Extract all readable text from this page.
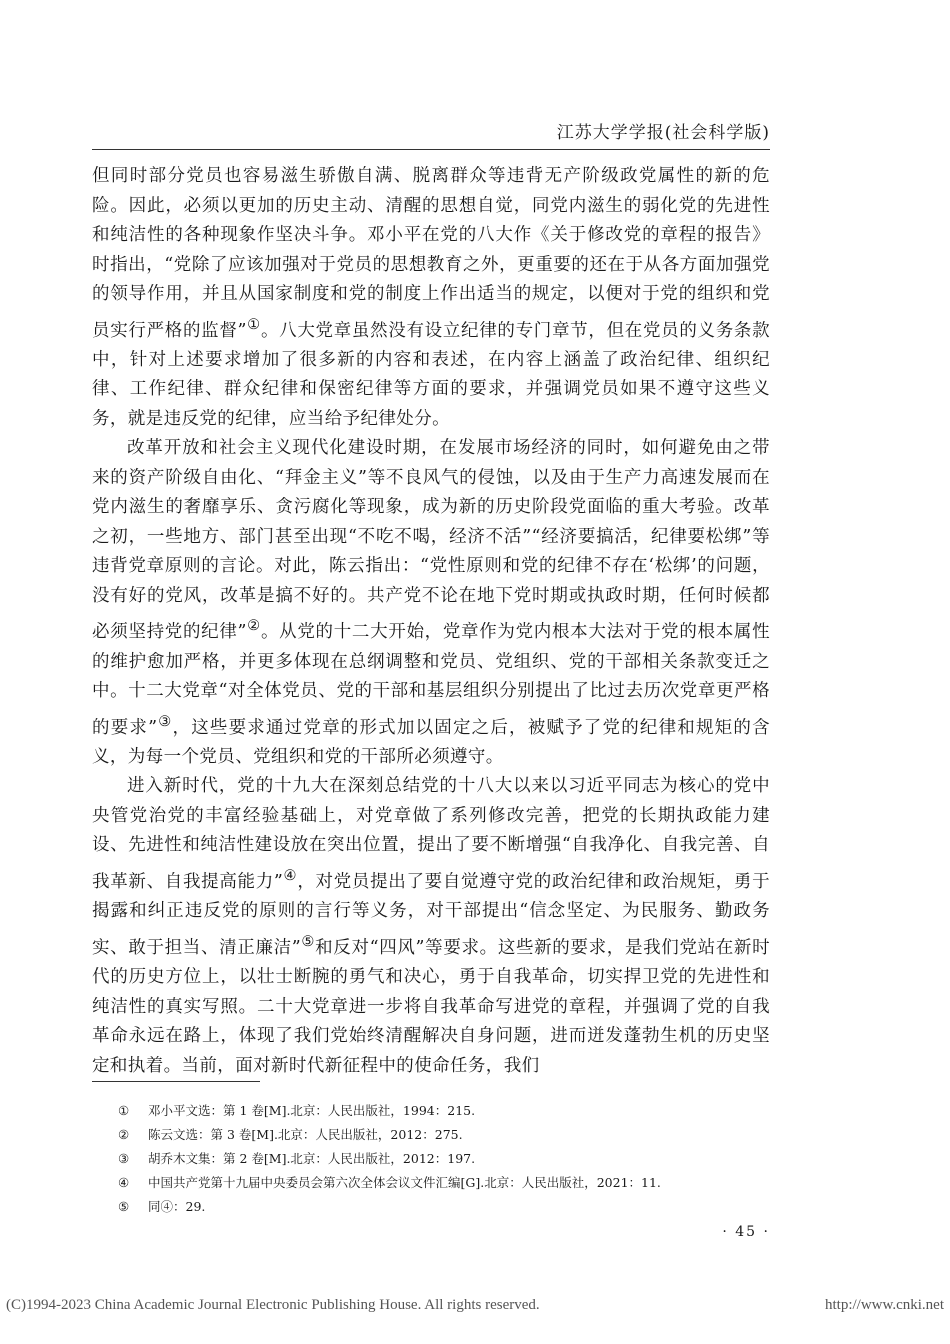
江苏大学学报(社会科学版)

但同时部分党员也容易滋生骄傲自满、脱离群众等违背无产阶级政党属性的新的危险。因此，必须以更加的历史主动、清醒的思想自觉，同党内滋生的弱化党的先进性和纯洁性的各种现象作坚决斗争。邓小平在党的八大作《关于修改党的章程的报告》时指出，“党除了应该加强对于党员的思想教育之外，更重要的还在于从各方面加强党的领导作用，并且从国家制度和党的制度上作出适当的规定，以便对于党的组织和党员实行严格的监督”①。八大党章虽然没有设立纪律的专门章节，但在党员的义务条款中，针对上述要求增加了很多新的内容和表述，在内容上涵盖了政治纪律、组织纪律、工作纪律、群众纪律和保密纪律等方面的要求，并强调党员如果不遵守这些义务，就是违反党的纪律，应当给予纪律处分。

改革开放和社会主义现代化建设时期，在发展市场经济的同时，如何避免由之带来的资产阶级自由化、“拜金主义”等不良风气的侵蚀，以及由于生产力高速发展而在党内滋生的奢靡享乐、贪污腐化等现象，成为新的历史阶段党面临的重大考验。改革之初，一些地方、部门甚至出现“不吃不喝，经济不活”“经济要搞活，纪律要松绑”等违背党章原则的言论。对此，陈云指出：“党性原则和党的纪律不存在‘松绑’的问题，没有好的党风，改革是搞不好的。共产党不论在地下党时期或执政时期，任何时候都必须坚持党的纪律”②。从党的十二大开始，党章作为党内根本大法对于党的根本属性的维护愈加严格，并更多体现在总纲调整和党员、党组织、党的干部相关条款变迁之中。十二大党章“对全体党员、党的干部和基层组织分别提出了比过去历次党章更严格的要求”③，这些要求通过党章的形式加以固定之后，被赋予了党的纪律和规矩的含义，为每一个党员、党组织和党的干部所必须遵守。

进入新时代，党的十九大在深刻总结党的十八大以来以习近平同志为核心的党中央管党治党的丰富经验基础上，对党章做了系列修改完善，把党的长期执政能力建设、先进性和纯洁性建设放在突出位置，提出了要不断增强“自我净化、自我完善、自我革新、自我提高能力”④，对党员提出了要自觉遵守党的政治纪律和政治规矩，勇于揭露和纠正违反党的原则的言行等义务，对干部提出“信念坚定、为民服务、勤政务实、敢于担当、清正廉洁”⑤和反对“四风”等要求。这些新的要求，是我们党站在新时代的历史方位上，以壮士断腕的勇气和决心，勇于自我革命，切实捍卫党的先进性和纯洁性的真实写照。二十大党章进一步将自我革命写进党的章程，并强调了党的自我革命永远在路上，体现了我们党始终清醒解决自身问题，进而迸发蓬勃生机的历史坚定和执着。当前，面对新时代新征程中的使命任务，我们

①	邓小平文选：第 1 卷[M].北京：人民出版社，1994：215.
②	陈云文选：第 3 卷[M].北京：人民出版社，2012：275.
③	胡乔木文集：第 2 卷[M].北京：人民出版社，2012：197.
④	中国共产党第十九届中央委员会第六次全体会议文件汇编[G].北京：人民出版社，2021：11.
⑤	同④：29.
· 45 ·
(C)1994-2023 China Academic Journal Electronic Publishing House. All rights reserved.	http://www.cnki.net
